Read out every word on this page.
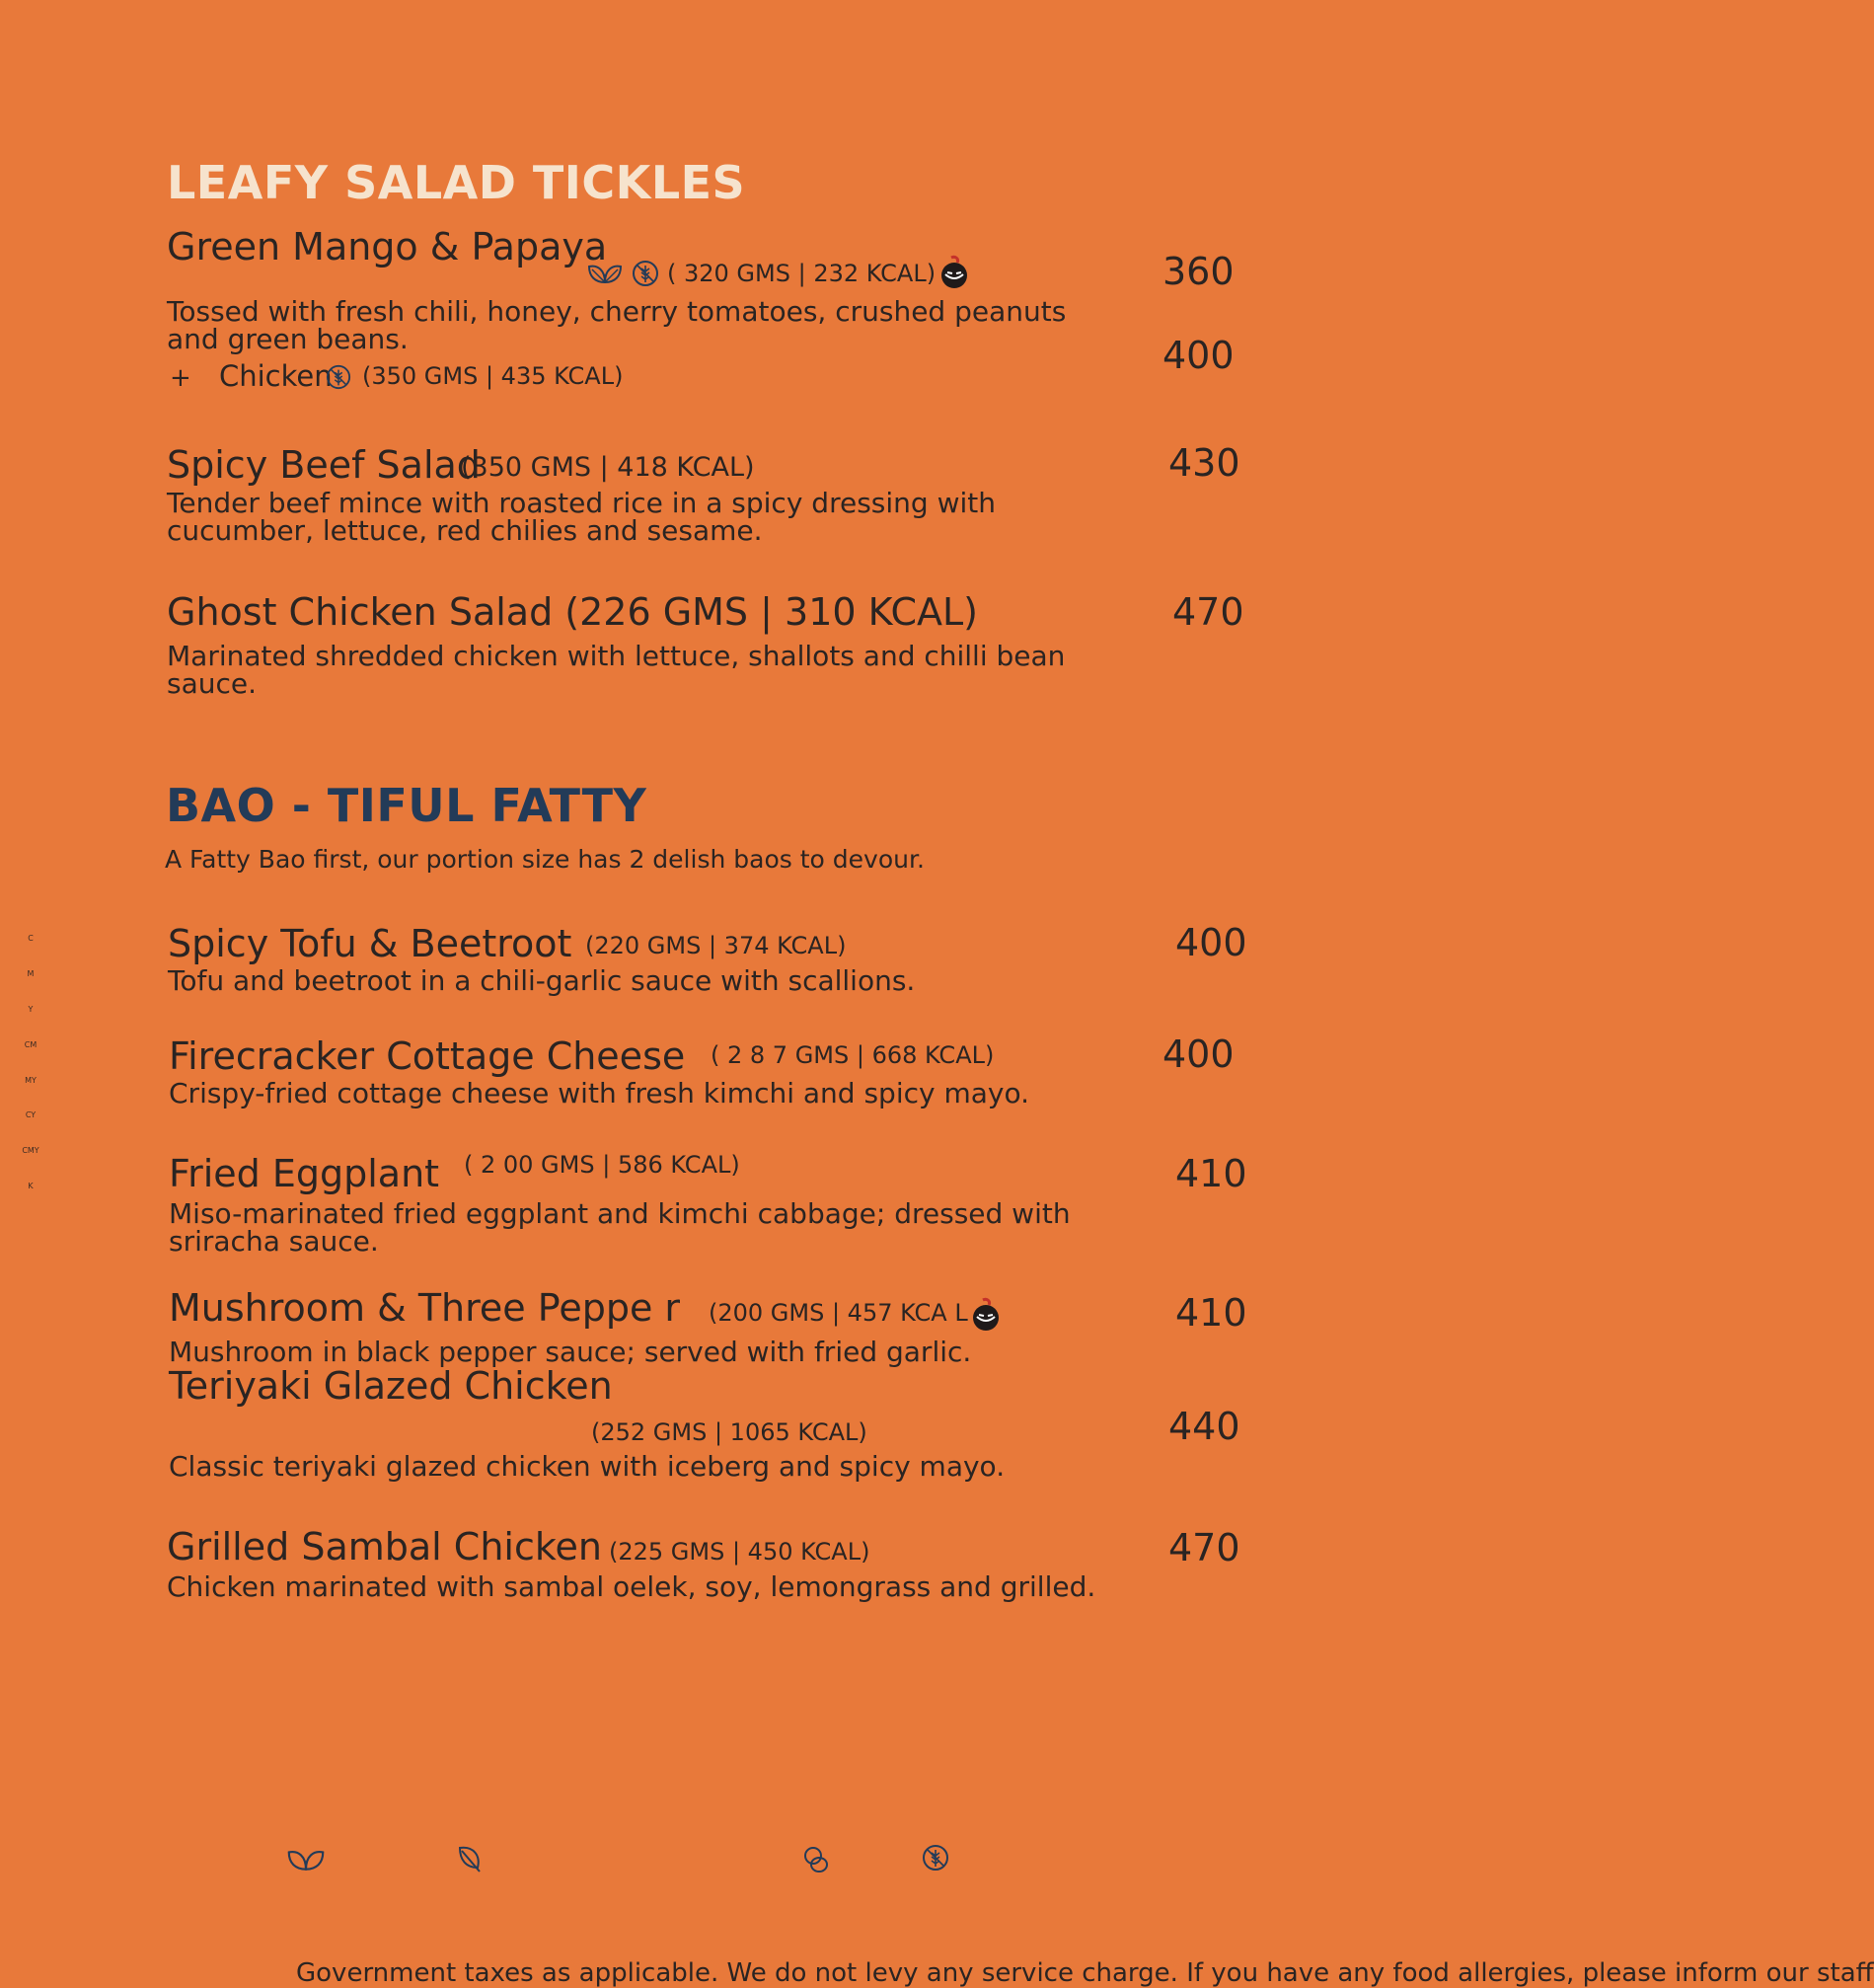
C
M
Y
CM
MY
CY
CMY
K
LEAFY SALAD TICKLES
Green Mango & Papaya
( 320 GMS | 232 KCAL)	360
Tossed with fresh chili, honey, cherry tomatoes, crushed peanuts and green beans.
+ Chicken (350 GMS | 435 KCAL)	400
Spicy Beef Salad
(350 GMS | 418 KCAL)	430
Tender beef mince with roasted rice in a spicy dressing with cucumber, lettuce, red chilies and sesame.
Ghost Chicken Salad (226 GMS | 310 KCAL)	470
Marinated shredded chicken with lettuce, shallots and chilli bean sauce.
BAO - TIFUL FATTY
A Fatty Bao first, our portion size has 2 delish baos to devour.
Spicy Tofu & Beetroot (220 GMS | 374 KCAL)	400
Tofu and beetroot in a chili-garlic sauce with scallions.
Firecracker Cottage Cheese ( 2 8 7 GMS | 668 KCAL)	400
Crispy-fried cottage cheese with fresh kimchi and spicy mayo.
Fried Eggplant ( 2 00 GMS | 586 KCAL)	410
Miso-marinated fried eggplant and kimchi cabbage; dressed with sriracha sauce.
Mushroom & Three Peppe r (200 GMS | 457 KCA L	410
Mushroom in black pepper sauce; served with fried garlic.
Teriyaki Glazed Chicken
(252 GMS | 1065 KCAL)	440
Classic teriyaki glazed chicken with iceberg and spicy mayo.
Grilled Sambal Chicken (225 GMS | 450 KCAL)	470
Chicken marinated with sambal oelek, soy, lemongrass and grilled.
Government taxes as applicable. We do not levy any service charge. If you have any food allergies, please inform our staff
